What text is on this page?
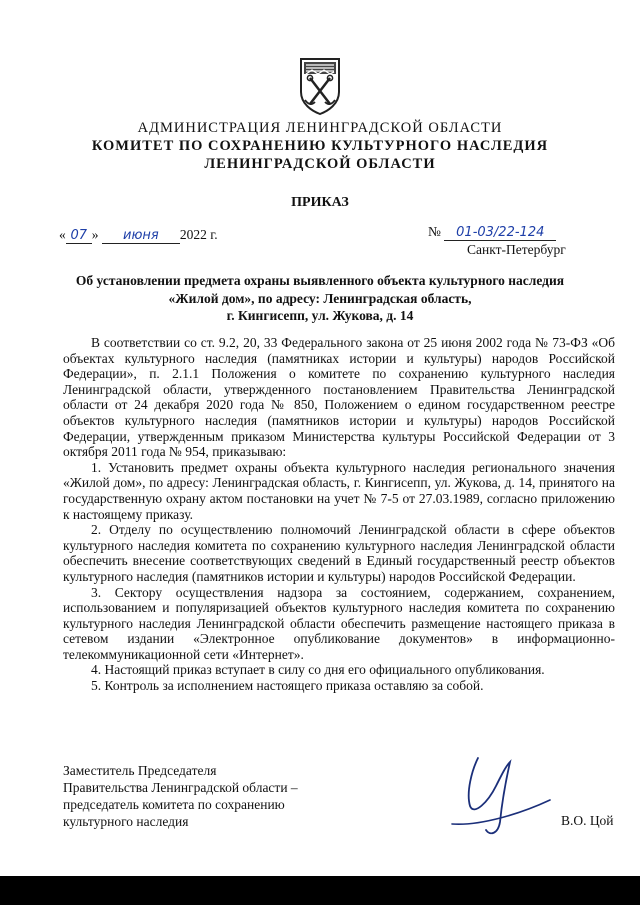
АДМИНИСТРАЦИЯ ЛЕНИНГРАДСКОЙ ОБЛАСТИ
КОМИТЕТ ПО СОХРАНЕНИЮ КУЛЬТУРНОГО НАСЛЕДИЯ
ЛЕНИНГРАДСКОЙ ОБЛАСТИ
ПРИКАЗ
« 07 » июня 2022 г.	№ 01-03/22-124
Санкт-Петербург
Об установлении предмета охраны выявленного объекта культурного наследия
«Жилой дом», по адресу: Ленинградская область,
г. Кингисепп, ул. Жукова, д. 14

В соответствии со ст. 9.2, 20, 33 Федерального закона от 25 июня 2002 года № 73-ФЗ «Об объектах культурного наследия (памятниках истории и культуры) народов Российской Федерации», п. 2.1.1 Положения о комитете по сохранению культурного наследия Ленинградской области, утвержденного постановлением Правительства Ленинградской области от 24 декабря 2020 года № 850, Положением о едином государственном реестре объектов культурного наследия (памятников истории и культуры) народов Российской Федерации, утвержденным приказом Министерства культуры Российской Федерации от 3 октября 2011 года № 954, приказываю:

1. Установить предмет охраны объекта культурного наследия регионального значения «Жилой дом», по адресу: Ленинградская область, г. Кингисепп, ул. Жукова, д. 14, принятого на государственную охрану актом постановки на учет № 7-5 от 27.03.1989, согласно приложению к настоящему приказу.

2. Отделу по осуществлению полномочий Ленинградской области в сфере объектов культурного наследия комитета по сохранению культурного наследия Ленинградской области обеспечить внесение соответствующих сведений в Единый государственный реестр объектов культурного наследия (памятников истории и культуры) народов Российской Федерации.

3. Сектору осуществления надзора за состоянием, содержанием, сохранением, использованием и популяризацией объектов культурного наследия комитета по сохранению культурного наследия Ленинградской области обеспечить размещение настоящего приказа в сетевом издании «Электронное опубликование документов» в информационно-телекоммуникационной сети «Интернет».

4. Настоящий приказ вступает в силу со дня его официального опубликования.

5. Контроль за исполнением настоящего приказа оставляю за собой.

Заместитель Председателя
Правительства Ленинградской области –
председатель комитета по сохранению
культурного наследия	В.О. Цой
